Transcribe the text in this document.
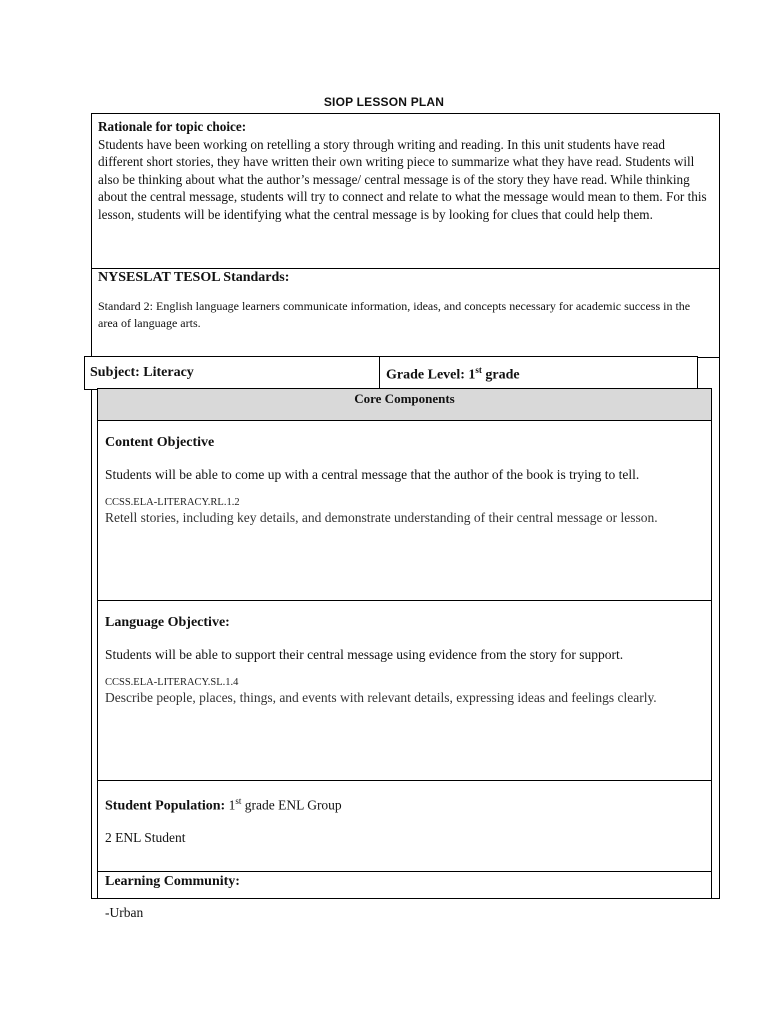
SIOP LESSON PLAN
Rationale for topic choice:
Students have been working on retelling a story through writing and reading. In this unit students have read different short stories, they have written their own writing piece to summarize what they have read. Students will also be thinking about what the author’s message/ central message is of the story they have read. While thinking about the central message, students will try to connect and relate to what the message would mean to them. For this lesson, students will be identifying what the central message is by looking for clues that could help them.
NYSESLAT TESOL Standards:
Standard 2: English language learners communicate information, ideas, and concepts necessary for academic success in the area of language arts.
Subject: Literacy	Grade Level: 1st grade
Core Components
Content Objective
Students will be able to come up with a central message that the author of the book is trying to tell.
CCSS.ELA-LITERACY.RL.1.2
Retell stories, including key details, and demonstrate understanding of their central message or lesson.
Language Objective:
Students will be able to support their central message using evidence from the story for support.
CCSS.ELA-LITERACY.SL.1.4
Describe people, places, things, and events with relevant details, expressing ideas and feelings clearly.
Student Population: 1st grade ENL Group
2 ENL Student
Learning Community:
-Urban
